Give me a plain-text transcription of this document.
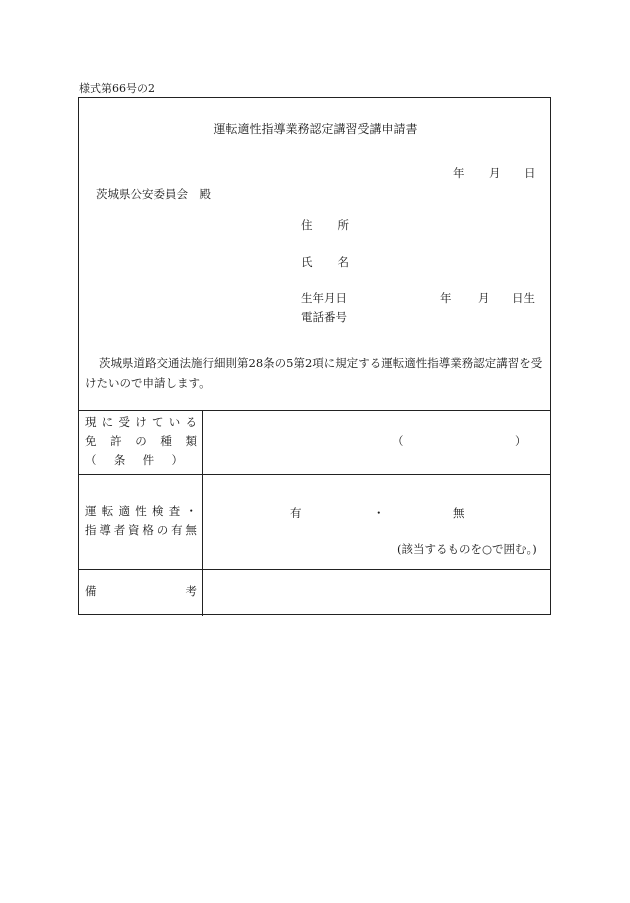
様式第66号の2
運転適性指導業務認定講習受講申請書
年 月 日
茨城県公安委員会　殿
住 所
氏 名
生年月日	年 月 日生
電話番号
茨城県道路交通法施行細則第28条の5第2項に規定する運転適性指導業務認定講習を受けたいので申請します。
現 に 受 け て い る
免 許 の 種 類
（ 条 件 ）
（	）
運 転 適 性 検 査 ・
指 導 者 資 格 の 有 無
有	・	無
(該当するものを○で囲む。)
備	考
